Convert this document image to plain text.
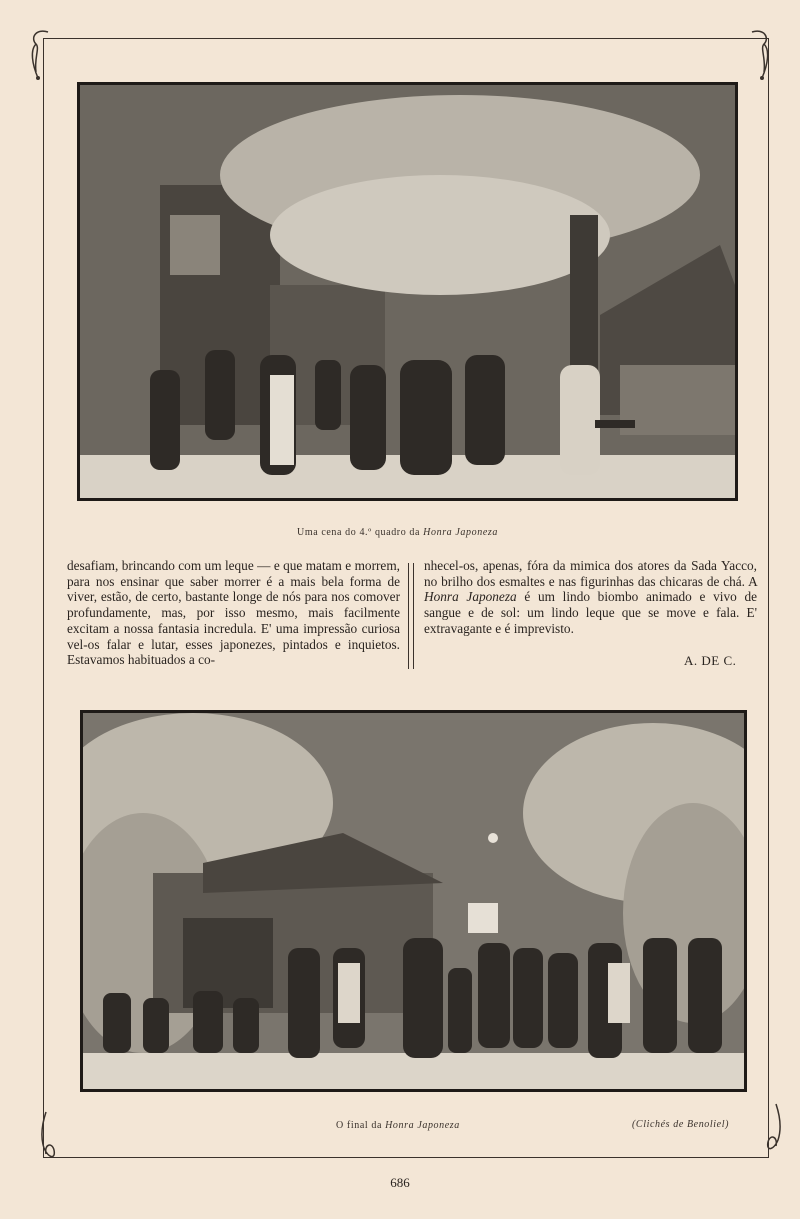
Uma cena do 4.º quadro da Honra Japoneza

desafiam, brincando com um leque — e que matam e morrem, para nos ensinar que saber morrer é a mais bela forma de viver, estão, de certo, bastante longe de nós para nos comover profundamente, mas, por isso mesmo, mais facilmente excitam a nossa fantasia incredula. E' uma impressão curiosa vel-os falar e lutar, esses japonezes, pintados e inquietos. Estavamos habituados a co-

nhecel-os, apenas, fóra da mimica dos atores da Sada Yacco, no brilho dos esmaltes e nas figurinhas das chicaras de chá. A Honra Japoneza é um lindo biombo animado e vivo de sangue e de sol: um lindo leque que se move e fala. E' extravagante e é imprevisto.

A. DE C.
O final da Honra Japoneza	(Clichés de Benoliel)
686
